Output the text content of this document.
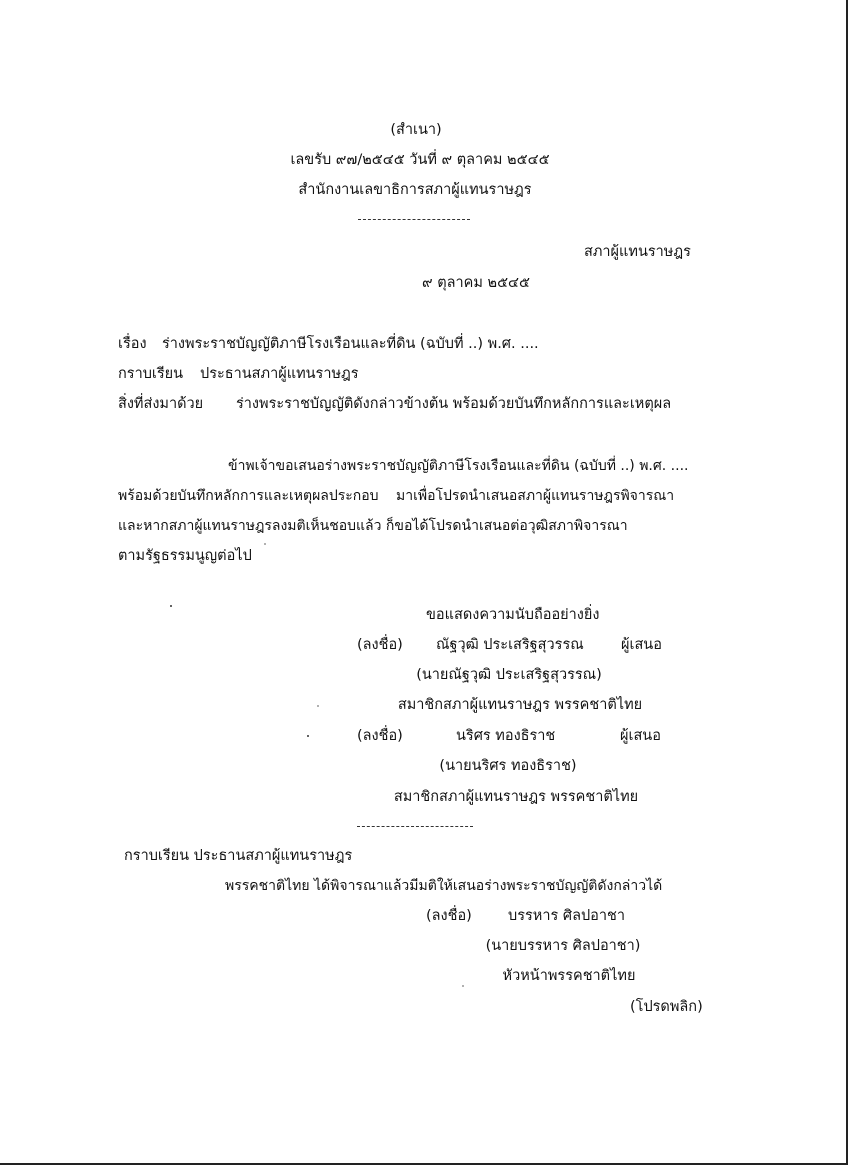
(สำเนา)
เลขรับ ๙๗/๒๕๔๕ วันที่ ๙ ตุลาคม ๒๕๔๕
สำนักงานเลขาธิการสภาผู้แทนราษฎร
สภาผู้แทนราษฎร
๙ ตุลาคม ๒๕๔๕
เรื่อง ร่างพระราชบัญญัติภาษีโรงเรือนและที่ดิน (ฉบับที่ ..) พ.ศ. ....
กราบเรียน ประธานสภาผู้แทนราษฎร
สิ่งที่ส่งมาด้วย ร่างพระราชบัญญัติดังกล่าวข้างต้น พร้อมด้วยบันทึกหลักการและเหตุผล
ข้าพเจ้าขอเสนอร่างพระราชบัญญัติภาษีโรงเรือนและที่ดิน (ฉบับที่ ..) พ.ศ. ....
พร้อมด้วยบันทึกหลักการและเหตุผลประกอบ มาเพื่อโปรดนำเสนอสภาผู้แทนราษฎรพิจารณา
และหากสภาผู้แทนราษฎรลงมติเห็นชอบแล้ว ก็ขอได้โปรดนำเสนอต่อวุฒิสภาพิจารณา
ตามรัฐธรรมนูญต่อไป
ขอแสดงความนับถืออย่างยิ่ง
(ลงชื่อ) ณัฐวุฒิ ประเสริฐสุวรรณ	ผู้เสนอ
(นายณัฐวุฒิ ประเสริฐสุวรรณ)
สมาชิกสภาผู้แทนราษฎร พรรคชาติไทย
(ลงชื่อ)	นริศร ทองธิราช	ผู้เสนอ
(นายนริศร ทองธิราช)
สมาชิกสภาผู้แทนราษฎร พรรคชาติไทย
กราบเรียน ประธานสภาผู้แทนราษฎร
พรรคชาติไทย ได้พิจารณาแล้วมีมติให้เสนอร่างพระราชบัญญัติดังกล่าวได้
(ลงชื่อ) บรรหาร ศิลปอาชา
(นายบรรหาร ศิลปอาชา)
หัวหน้าพรรคชาติไทย
(โปรดพลิก)
